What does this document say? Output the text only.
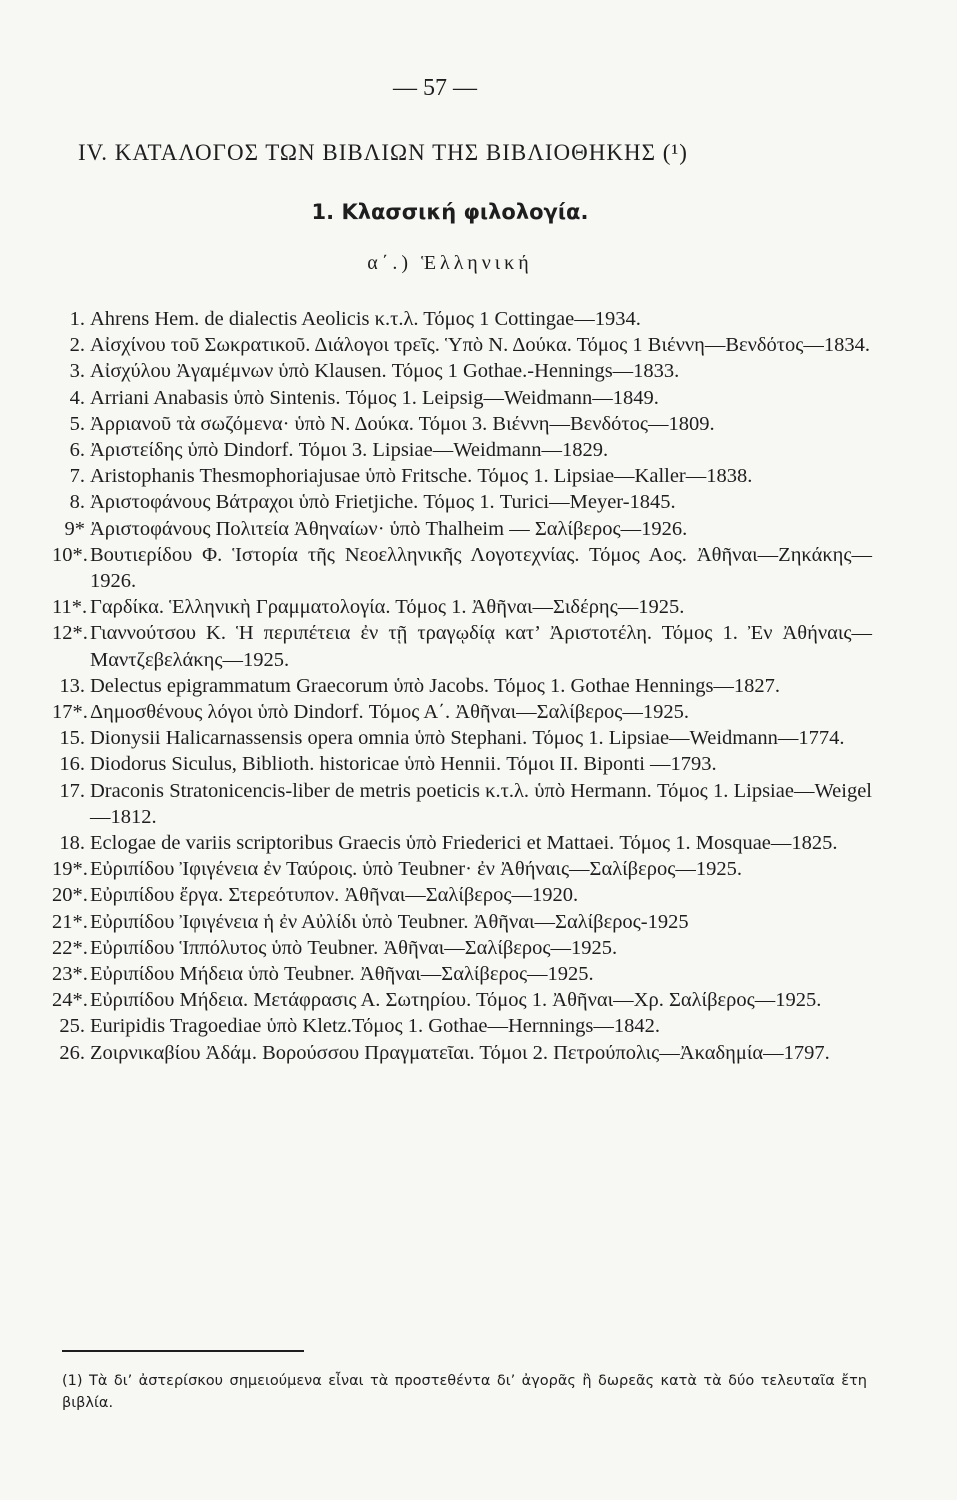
— 57 —
IV. ΚΑΤΑΛΟΓΟΣ ΤΩΝ ΒΙΒΛΙΩΝ ΤΗΣ ΒΙΒΛΙΟΘΗΚΗΣ (¹)
1. Κλασσική φιλολογία.
α΄.) Ἑλληνική
1. Ahrens Hem. de dialectis Aeolicis κ.τ.λ. Τόμος 1 Cottingae—1934.
2. Αἰσχίνου τοῦ Σωκρατικοῦ. Διάλογοι τρεῖς. Ὑπὸ Ν. Δούκα. Τόμος 1 Βιέννη—Βενδότος—1834.
3. Αἰσχύλου Ἀγαμέμνων ὑπὸ Klausen. Τόμος 1 Gothae.-Hennings—1833.
4. Arriani Anabasis ὑπὸ Sintenis. Τόμος 1. Leipsig—Weidmann—1849.
5. Ἀρριανοῦ τὰ σωζόμενα· ὑπὸ Ν. Δούκα. Τόμοι 3. Βιέννη—Βενδότος—1809.
6. Ἀριστείδης ὑπὸ Dindorf. Τόμοι 3. Lipsiae—Weidmann—1829.
7. Aristophanis Thesmophoriajusae ὑπὸ Fritsche. Τόμος 1. Lipsiae—Kaller—1838.
8. Ἀριστοφάνους Βάτραχοι ὑπὸ Frietjiche. Τόμος 1. Turici—Meyer-1845.
9* Ἀριστοφάνους Πολιτεία Ἀθηναίων· ὑπὸ Thalheim — Σαλίβερος—1926.
10*. Βουτιερίδου Φ. Ἱστορία τῆς Νεοελληνικῆς Λογοτεχνίας. Τόμος Αος. Ἀθῆναι—Ζηκάκης—1926.
11*. Γαρδίκα. Ἑλληνικὴ Γραμματολογία. Τόμος 1. Ἀθῆναι—Σιδέρης—1925.
12*. Γιαννούτσου Κ. Ἡ περιπέτεια ἐν τῇ τραγῳδίᾳ κατ’ Ἀριστοτέλη. Τόμος 1. Ἐν Ἀθήναις—Μαντζεβελάκης—1925.
13. Delectus epigrammatum Graecorum ὑπὸ Jacobs. Τόμος 1. Gothae Hennings—1827.
17*. Δημοσθένους λόγοι ὑπὸ Dindorf. Τόμος Α΄. Ἀθῆναι—Σαλίβερος—1925.
15. Dionysii Halicarnassensis opera omnia ὑπὸ Stephani. Τόμος 1. Lipsiae—Weidmann—1774.
16. Diodorus Siculus, Biblioth. historicae ὑπὸ Hennii. Τόμοι II. Biponti —1793.
17. Draconis Stratonicencis-liber de metris poeticis κ.τ.λ. ὑπὸ Hermann. Τόμος 1. Lipsiae—Weigel—1812.
18. Eclogae de variis scriptoribus Graecis ὑπὸ Friederici et Mattaei. Τόμος 1. Mosquae—1825.
19*. Εὐριπίδου Ἰφιγένεια ἐν Ταύροις. ὑπὸ Teubner· ἐν Ἀθήναις—Σαλίβερος—1925.
20*. Εὐριπίδου ἔργα. Στερεότυπον. Ἀθῆναι—Σαλίβερος—1920.
21*. Εὐριπίδου Ἰφιγένεια ἡ ἐν Αὐλίδι ὑπὸ Teubner. Ἀθῆναι—Σαλίβερος-1925
22*. Εὐριπίδου Ἱππόλυτος ὑπὸ Teubner. Ἀθῆναι—Σαλίβερος—1925.
23*. Εὐριπίδου Μήδεια ὑπὸ Teubner. Ἀθῆναι—Σαλίβερος—1925.
24*. Εὐριπίδου Μήδεια. Μετάφρασις Α. Σωτηρίου. Τόμος 1. Ἀθῆναι—Χρ. Σαλίβερος—1925.
25. Euripidis Tragoediae ὑπὸ Kletz.Τόμος 1. Gothae—Hernnings—1842.
26. Ζοιρνικαβίου Ἀδάμ. Βορούσσου Πραγματεῖαι. Τόμοι 2. Πετρούπολις—Ἀκαδημία—1797.
(1) Τὰ δι’ ἀστερίσκου σημειούμενα εἶναι τὰ προστεθέντα δι’ ἀγορᾶς ἢ δωρεᾶς κατὰ τὰ δύο τελευταῖα ἔτη βιβλία.
